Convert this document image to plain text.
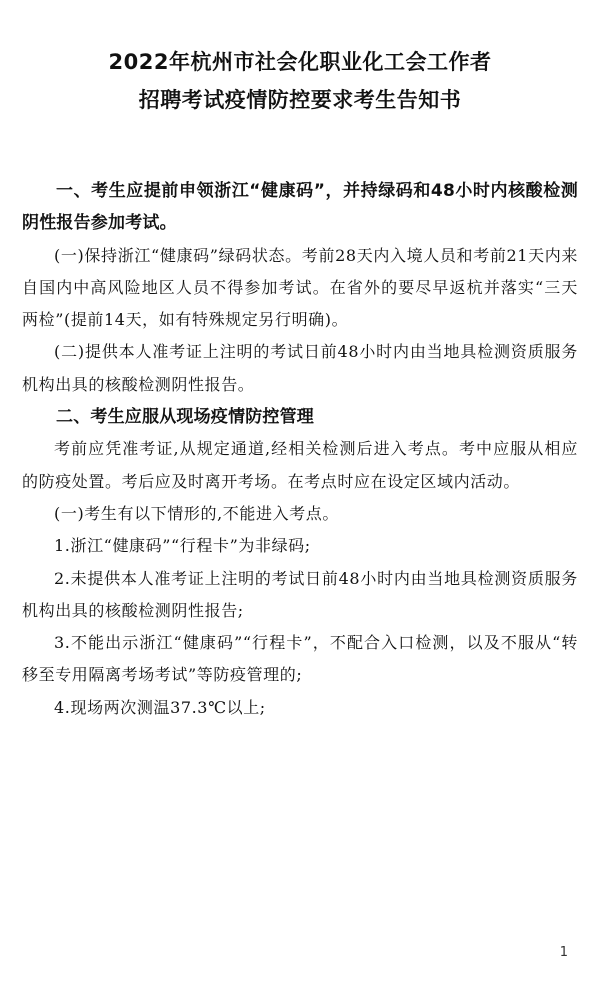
2022年杭州市社会化职业化工会工作者
招聘考试疫情防控要求考生告知书

一、考生应提前申领浙江“健康码”，并持绿码和48小时内核酸检测阴性报告参加考试。

(一)保持浙江“健康码”绿码状态。考前28天内入境人员和考前21天内来自国内中高风险地区人员不得参加考试。在省外的要尽早返杭并落实“三天两检”(提前14天，如有特殊规定另行明确)。

(二)提供本人准考证上注明的考试日前48小时内由当地具检测资质服务机构出具的核酸检测阴性报告。

二、考生应服从现场疫情防控管理

考前应凭准考证,从规定通道,经相关检测后进入考点。考中应服从相应的防疫处置。考后应及时离开考场。在考点时应在设定区域内活动。

(一)考生有以下情形的,不能进入考点。

1.浙江“健康码”“行程卡”为非绿码;

2.未提供本人准考证上注明的考试日前48小时内由当地具检测资质服务机构出具的核酸检测阴性报告;

3.不能出示浙江“健康码”“行程卡”，不配合入口检测，以及不服从“转移至专用隔离考场考试”等防疫管理的;

4.现场两次测温37.3℃以上;

1
